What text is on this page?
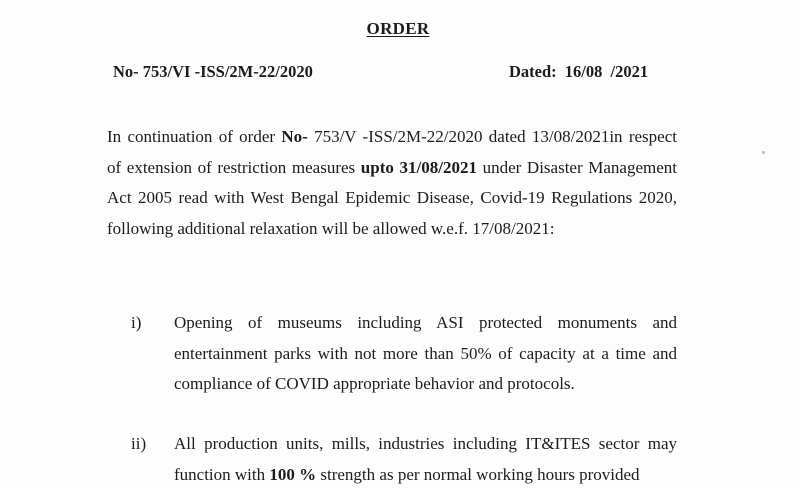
ORDER
No- 753/VI -ISS/2M-22/2020	Dated: 16/08 /2021
In continuation of order No- 753/V -ISS/2M-22/2020 dated 13/08/2021in respect of extension of restriction measures upto 31/08/2021 under Disaster Management Act 2005 read with West Bengal Epidemic Disease, Covid-19 Regulations 2020, following additional relaxation will be allowed w.e.f. 17/08/2021:
i) Opening of museums including ASI protected monuments and entertainment parks with not more than 50% of capacity at a time and compliance of COVID appropriate behavior and protocols.
ii) All production units, mills, industries including IT&ITES sector may function with 100 % strength as per normal working hours provided
